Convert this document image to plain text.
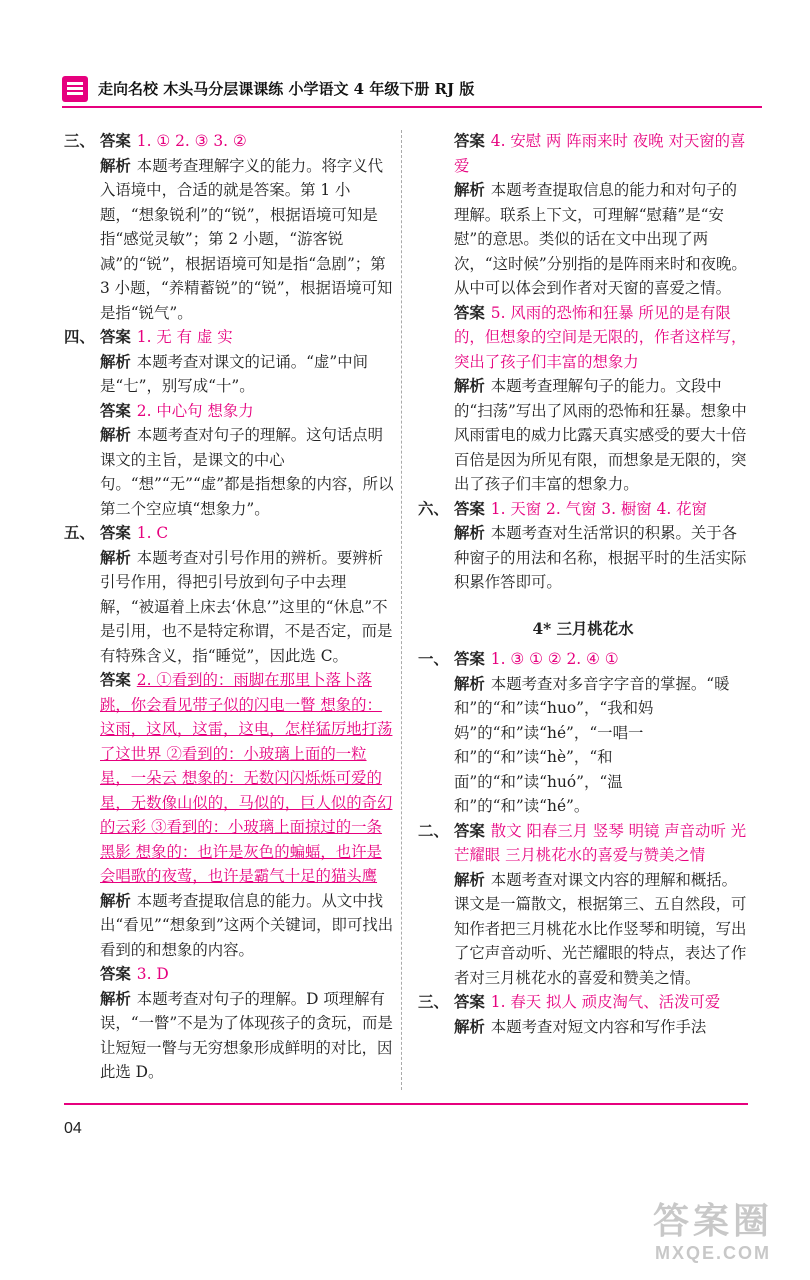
走向名校 木头马分层课课练 小学语文 4 年级下册 RJ 版
三、 答案 1. ① 2. ③ 3. ②
解析 本题考查理解字义的能力。将字义代入语境中，合适的就是答案。第 1 小题，“想象锐利”的“锐”，根据语境可知是指“感觉灵敏”；第 2 小题，“游客锐减”的“锐”，根据语境可知是指“急剧”；第 3 小题，“养精蓄锐”的“锐”，根据语境可知是指“锐气”。
四、 答案 1. 无 有 虚 实
解析 本题考查对课文的记诵。“虚”中间是“七”，别写成“十”。
答案 2. 中心句 想象力
解析 本题考查对句子的理解。这句话点明课文的主旨，是课文的中心句。“想”“无”“虚”都是指想象的内容，所以第二个空应填“想象力”。
五、 答案 1. C
解析 本题考查对引号作用的辨析。要辨析引号作用，得把引号放到句子中去理解，“被逼着上床去‘休息’”这里的“休息”不是引用，也不是特定称谓，不是否定，而是有特殊含义，指“睡觉”，因此选 C。
答案 2. ①看到的：雨脚在那里卜落卜落跳，你会看见带子似的闪电一瞥 想象的：这雨，这风，这雷，这电，怎样猛厉地打荡了这世界 ②看到的：小玻璃上面的一粒星，一朵云 想象的：无数闪闪烁烁可爱的星，无数像山似的，马似的，巨人似的奇幻的云彩 ③看到的：小玻璃上面掠过的一条黑影 想象的：也许是灰色的蝙蝠，也许是会唱歌的夜莺，也许是霸气十足的猫头鹰
解析 本题考查提取信息的能力。从文中找出“看见”“想象到”这两个关键词，即可找出看到的和想象的内容。
答案 3. D
解析 本题考查对句子的理解。D 项理解有误，“一瞥”不是为了体现孩子的贪玩，而是让短短一瞥与无穷想象形成鲜明的对比，因此选 D。
答案 4. 安慰 两 阵雨来时 夜晚 对天窗的喜爱
解析 本题考查提取信息的能力和对句子的理解。联系上下文，可理解“慰藉”是“安慰”的意思。类似的话在文中出现了两次，“这时候”分别指的是阵雨来时和夜晚。从中可以体会到作者对天窗的喜爱之情。
答案 5. 风雨的恐怖和狂暴 所见的是有限的，但想象的空间是无限的，作者这样写，突出了孩子们丰富的想象力
解析 本题考查理解句子的能力。文段中的“扫荡”写出了风雨的恐怖和狂暴。想象中风雨雷电的威力比露天真实感受的要大十倍百倍是因为所见有限，而想象是无限的，突出了孩子们丰富的想象力。
六、 答案 1. 天窗 2. 气窗 3. 橱窗 4. 花窗
解析 本题考查对生活常识的积累。关于各种窗子的用法和名称，根据平时的生活实际积累作答即可。
4* 三月桃花水
一、 答案 1. ③ ① ② 2. ④ ①
解析 本题考查对多音字字音的掌握。“暖和”的“和”读“huo”，“我和妈妈”的“和”读“hé”，“一唱一和”的“和”读“hè”，“和面”的“和”读“huó”，“温和”的“和”读“hé”。
二、 答案 散文 阳春三月 竖琴 明镜 声音动听 光芒耀眼 三月桃花水的喜爱与赞美之情
解析 本题考查对课文内容的理解和概括。课文是一篇散文，根据第三、五自然段，可知作者把三月桃花水比作竖琴和明镜，写出了它声音动听、光芒耀眼的特点，表达了作者对三月桃花水的喜爱和赞美之情。
三、 答案 1. 春天 拟人 顽皮淘气、活泼可爱
解析 本题考查对短文内容和写作手法
04
答案圈
MXQE.COM
